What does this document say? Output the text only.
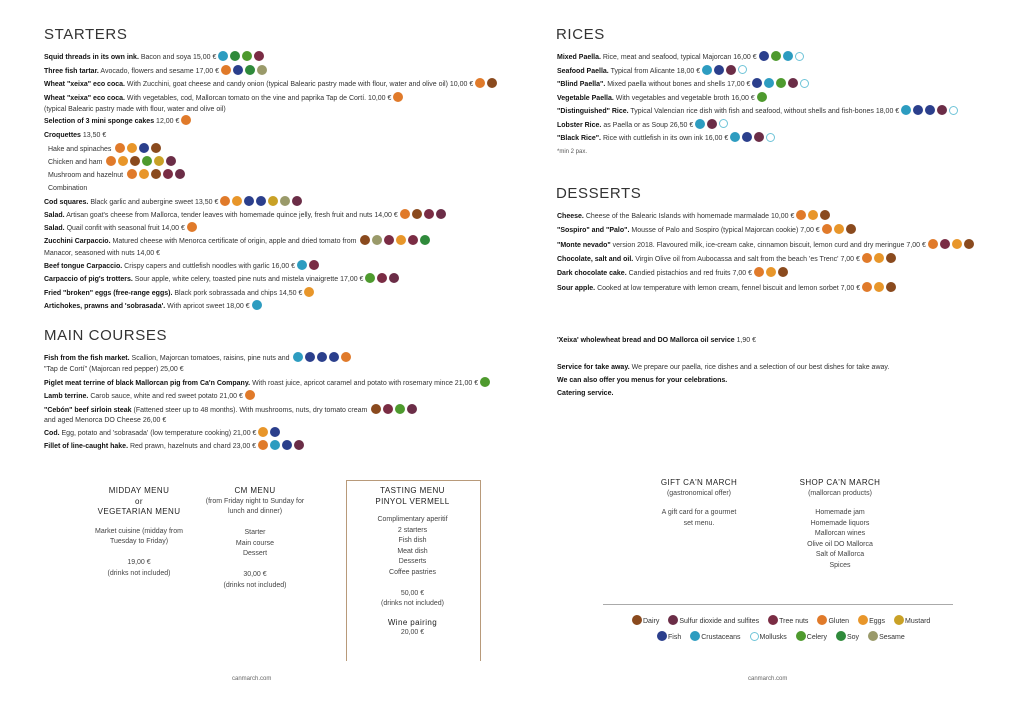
STARTERS
Squid threads in its own ink. Bacon and soya 15,00 €
Three fish tartar. Avocado, flowers and sesame 17,00 €
Wheat "xeixa" eco coca. With Zucchini, goat cheese and candy onion (typical Balearic pastry made with flour, water and olive oil) 10,00 €
Wheat "xeixa" eco coca. With vegetables, cod, Mallorcan tomato on the vine and paprika Tap de Cortí. 10,00 €
(typical Balearic pastry made with flour, water and olive oil)
Selection of 3 mini sponge cakes 12,00 €
Croquettes 13,50 €
Hake and spinaches
Chicken and ham
Mushroom and hazelnut
Combination
Cod squares. Black garlic and aubergine sweet 13,50 €
Salad. Artisan goat's cheese from Mallorca, tender leaves with homemade quince jelly, fresh fruit and nuts 14,00 €
Salad. Quail confit with seasonal fruit 14,00 €
Zucchini Carpaccio. Matured cheese with Menorca certificate of origin, apple and dried tomato from
Manacor, seasoned with nuts 14,00 €
Beef tongue Carpaccio. Crispy capers and cuttlefish noodles with garlic 16,00 €
Carpaccio of pig's trotters. Sour apple, white celery, toasted pine nuts and mistela vinaigrette 17,00 €
Fried "broken" eggs (free-range eggs). Black pork sobrassada and chips 14,50 €
Artichokes, prawns and 'sobrasada'. With apricot sweet 18,00 €
MAIN COURSES
Fish from the fish market. Scallion, Majorcan tomatoes, raisins, pine nuts and
"Tap de Cortí" (Majorcan red pepper) 25,00 €
Piglet meat terrine of black Mallorcan pig from Ca'n Company. With roast juice, apricot caramel and potato with rosemary mince 21,00 €
Lamb terrine. Carob sauce, white and red sweet potato 21,00 €
"Cebón" beef sirloin steak (Fattened steer up to 48 months). With mushrooms, nuts, dry tomato cream
and aged Menorca DO Cheese 26,00 €
Cod. Egg, potato and 'sobrasada' (low temperature cooking) 21,00 €
Fillet of line-caught hake. Red prawn, hazelnuts and chard 23,00 €
MIDDAY MENU
or
VEGETARIAN MENU
Market cuisine (midday from
Tuesday to Friday)

19,00 €
(drinks not included)
CM MENU
(from Friday night to Sunday for
lunch and dinner)

Starter
Main course
Dessert

30,00 €
(drinks not included)
TASTING MENU
PINYOL VERMELL
Complimentary aperitif
2 starters
Fish dish
Meat dish
Desserts
Coffee pastries

50,00 €
(drinks not included)
Wine pairing
20,00 €
canmarch.com
RICES
Mixed Paella. Rice, meat and seafood, typical Majorcan 16,00 €
Seafood Paella. Typical from Alicante 18,00 €
"Blind Paella". Mixed paella without bones and shells 17,00 €
Vegetable Paella. With vegetables and vegetable broth 16,00 €
"Distinguished" Rice. Typical Valencian rice dish with fish and seafood, without shells and fish-bones 18,00 €
Lobster Rice. as Paella or as Soup 26,50 €
"Black Rice". Rice with cuttlefish in its own ink 16,00 €
*min 2 pax.
DESSERTS
Cheese. Cheese of the Balearic Islands with homemade marmalade 10,00 €
"Sospiro" and "Palo". Mousse of Palo and Sospiro (typical Majorcan cookie) 7,00 €
"Monte nevado" version 2018. Flavoured milk, ice-cream cake, cinnamon biscuit, lemon curd and dry meringue 7,00 €
Chocolate, salt and oil. Virgin Olive oil from Aubocassa and salt from the beach 'es Trenc' 7,00 €
Dark chocolate cake. Candied pistachios and red fruits 7,00 €
Sour apple. Cooked at low temperature with lemon cream, fennel biscuit and lemon sorbet 7,00 €
'Xeixa' wholewheat bread and DO Mallorca oil service 1,90 €
Service for take away. We prepare our paella, rice dishes and a selection of our best dishes for take away.
We can also offer you menus for your celebrations.
Catering service.
GIFT CA'N MARCH
(gastronomical offer)
A gift card for a gourmet
set menu.
SHOP CA'N MARCH
(mallorcan products)
Homemade jam
Homemade liquors
Mallorcan wines
Olive oil DO Mallorca
Salt of Mallorca
Spices
Dairy	Sulfur dioxide and sulfites	Tree nuts	Gluten	Eggs	Mustard
Fish	Crustaceans	Mollusks	Celery	Soy	Sesame
canmarch.com
